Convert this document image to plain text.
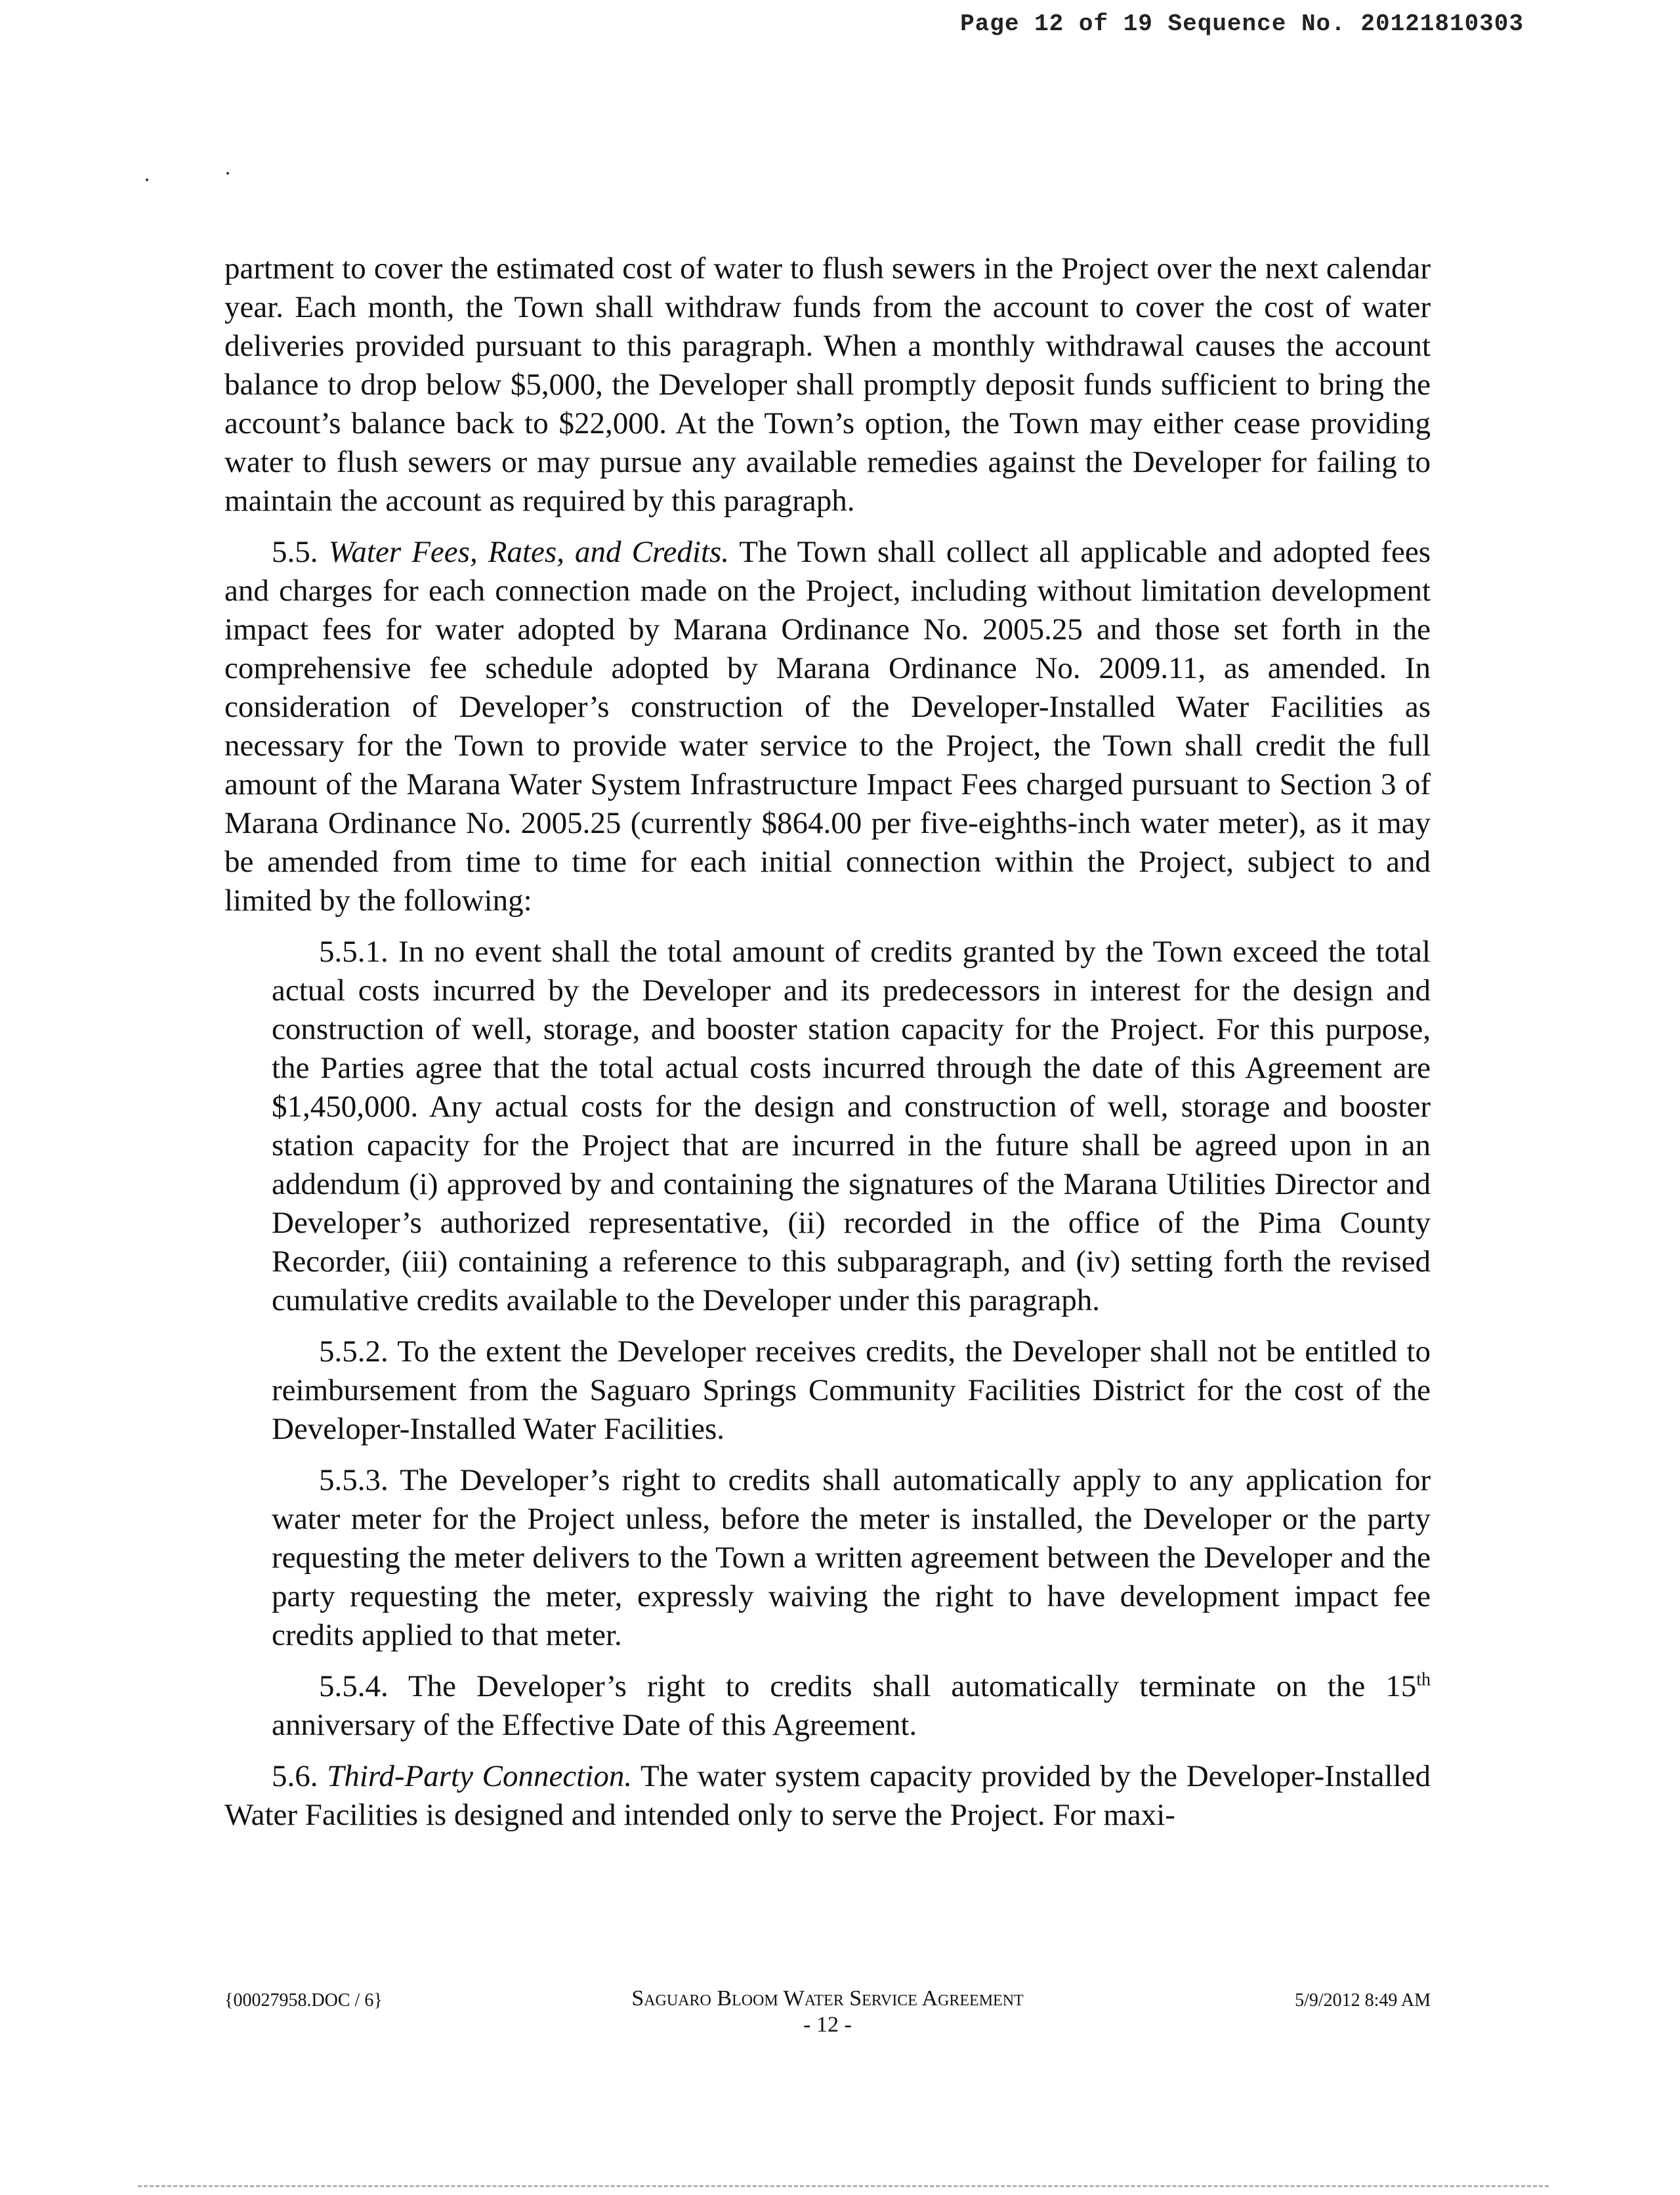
Page 12 of 19 Sequence No. 20121810303

partment to cover the estimated cost of water to flush sewers in the Project over the next calendar year. Each month, the Town shall withdraw funds from the account to cover the cost of water deliveries provided pursuant to this paragraph. When a monthly withdrawal causes the account balance to drop below $5,000, the Developer shall promptly deposit funds sufficient to bring the account’s balance back to $22,000. At the Town’s option, the Town may either cease providing water to flush sewers or may pursue any available remedies against the Developer for failing to maintain the account as required by this paragraph.

5.5. Water Fees, Rates, and Credits. The Town shall collect all applicable and adopted fees and charges for each connection made on the Project, including without limitation development impact fees for water adopted by Marana Ordinance No. 2005.25 and those set forth in the comprehensive fee schedule adopted by Marana Ordinance No. 2009.11, as amended. In consideration of Developer’s construction of the Developer-Installed Water Facilities as necessary for the Town to provide water service to the Project, the Town shall credit the full amount of the Marana Water System Infrastructure Impact Fees charged pursuant to Section 3 of Marana Ordinance No. 2005.25 (currently $864.00 per five-eighths-inch water meter), as it may be amended from time to time for each initial connection within the Project, subject to and limited by the following:

5.5.1. In no event shall the total amount of credits granted by the Town exceed the total actual costs incurred by the Developer and its predecessors in interest for the design and construction of well, storage, and booster station capacity for the Project. For this purpose, the Parties agree that the total actual costs incurred through the date of this Agreement are $1,450,000. Any actual costs for the design and construction of well, storage and booster station capacity for the Project that are incurred in the future shall be agreed upon in an addendum (i) approved by and containing the signatures of the Marana Utilities Director and Developer’s authorized representative, (ii) recorded in the office of the Pima County Recorder, (iii) containing a reference to this subparagraph, and (iv) setting forth the revised cumulative credits available to the Developer under this paragraph.

5.5.2. To the extent the Developer receives credits, the Developer shall not be entitled to reimbursement from the Saguaro Springs Community Facilities District for the cost of the Developer-Installed Water Facilities.

5.5.3. The Developer’s right to credits shall automatically apply to any application for water meter for the Project unless, before the meter is installed, the Developer or the party requesting the meter delivers to the Town a written agreement between the Developer and the party requesting the meter, expressly waiving the right to have development impact fee credits applied to that meter.

5.5.4. The Developer’s right to credits shall automatically terminate on the 15th anniversary of the Effective Date of this Agreement.

5.6. Third-Party Connection. The water system capacity provided by the Developer-Installed Water Facilities is designed and intended only to serve the Project. For maxi-

{00027958.DOC / 6}	Saguaro Bloom Water Service Agreement
- 12 -
5/9/2012 8:49 AM
